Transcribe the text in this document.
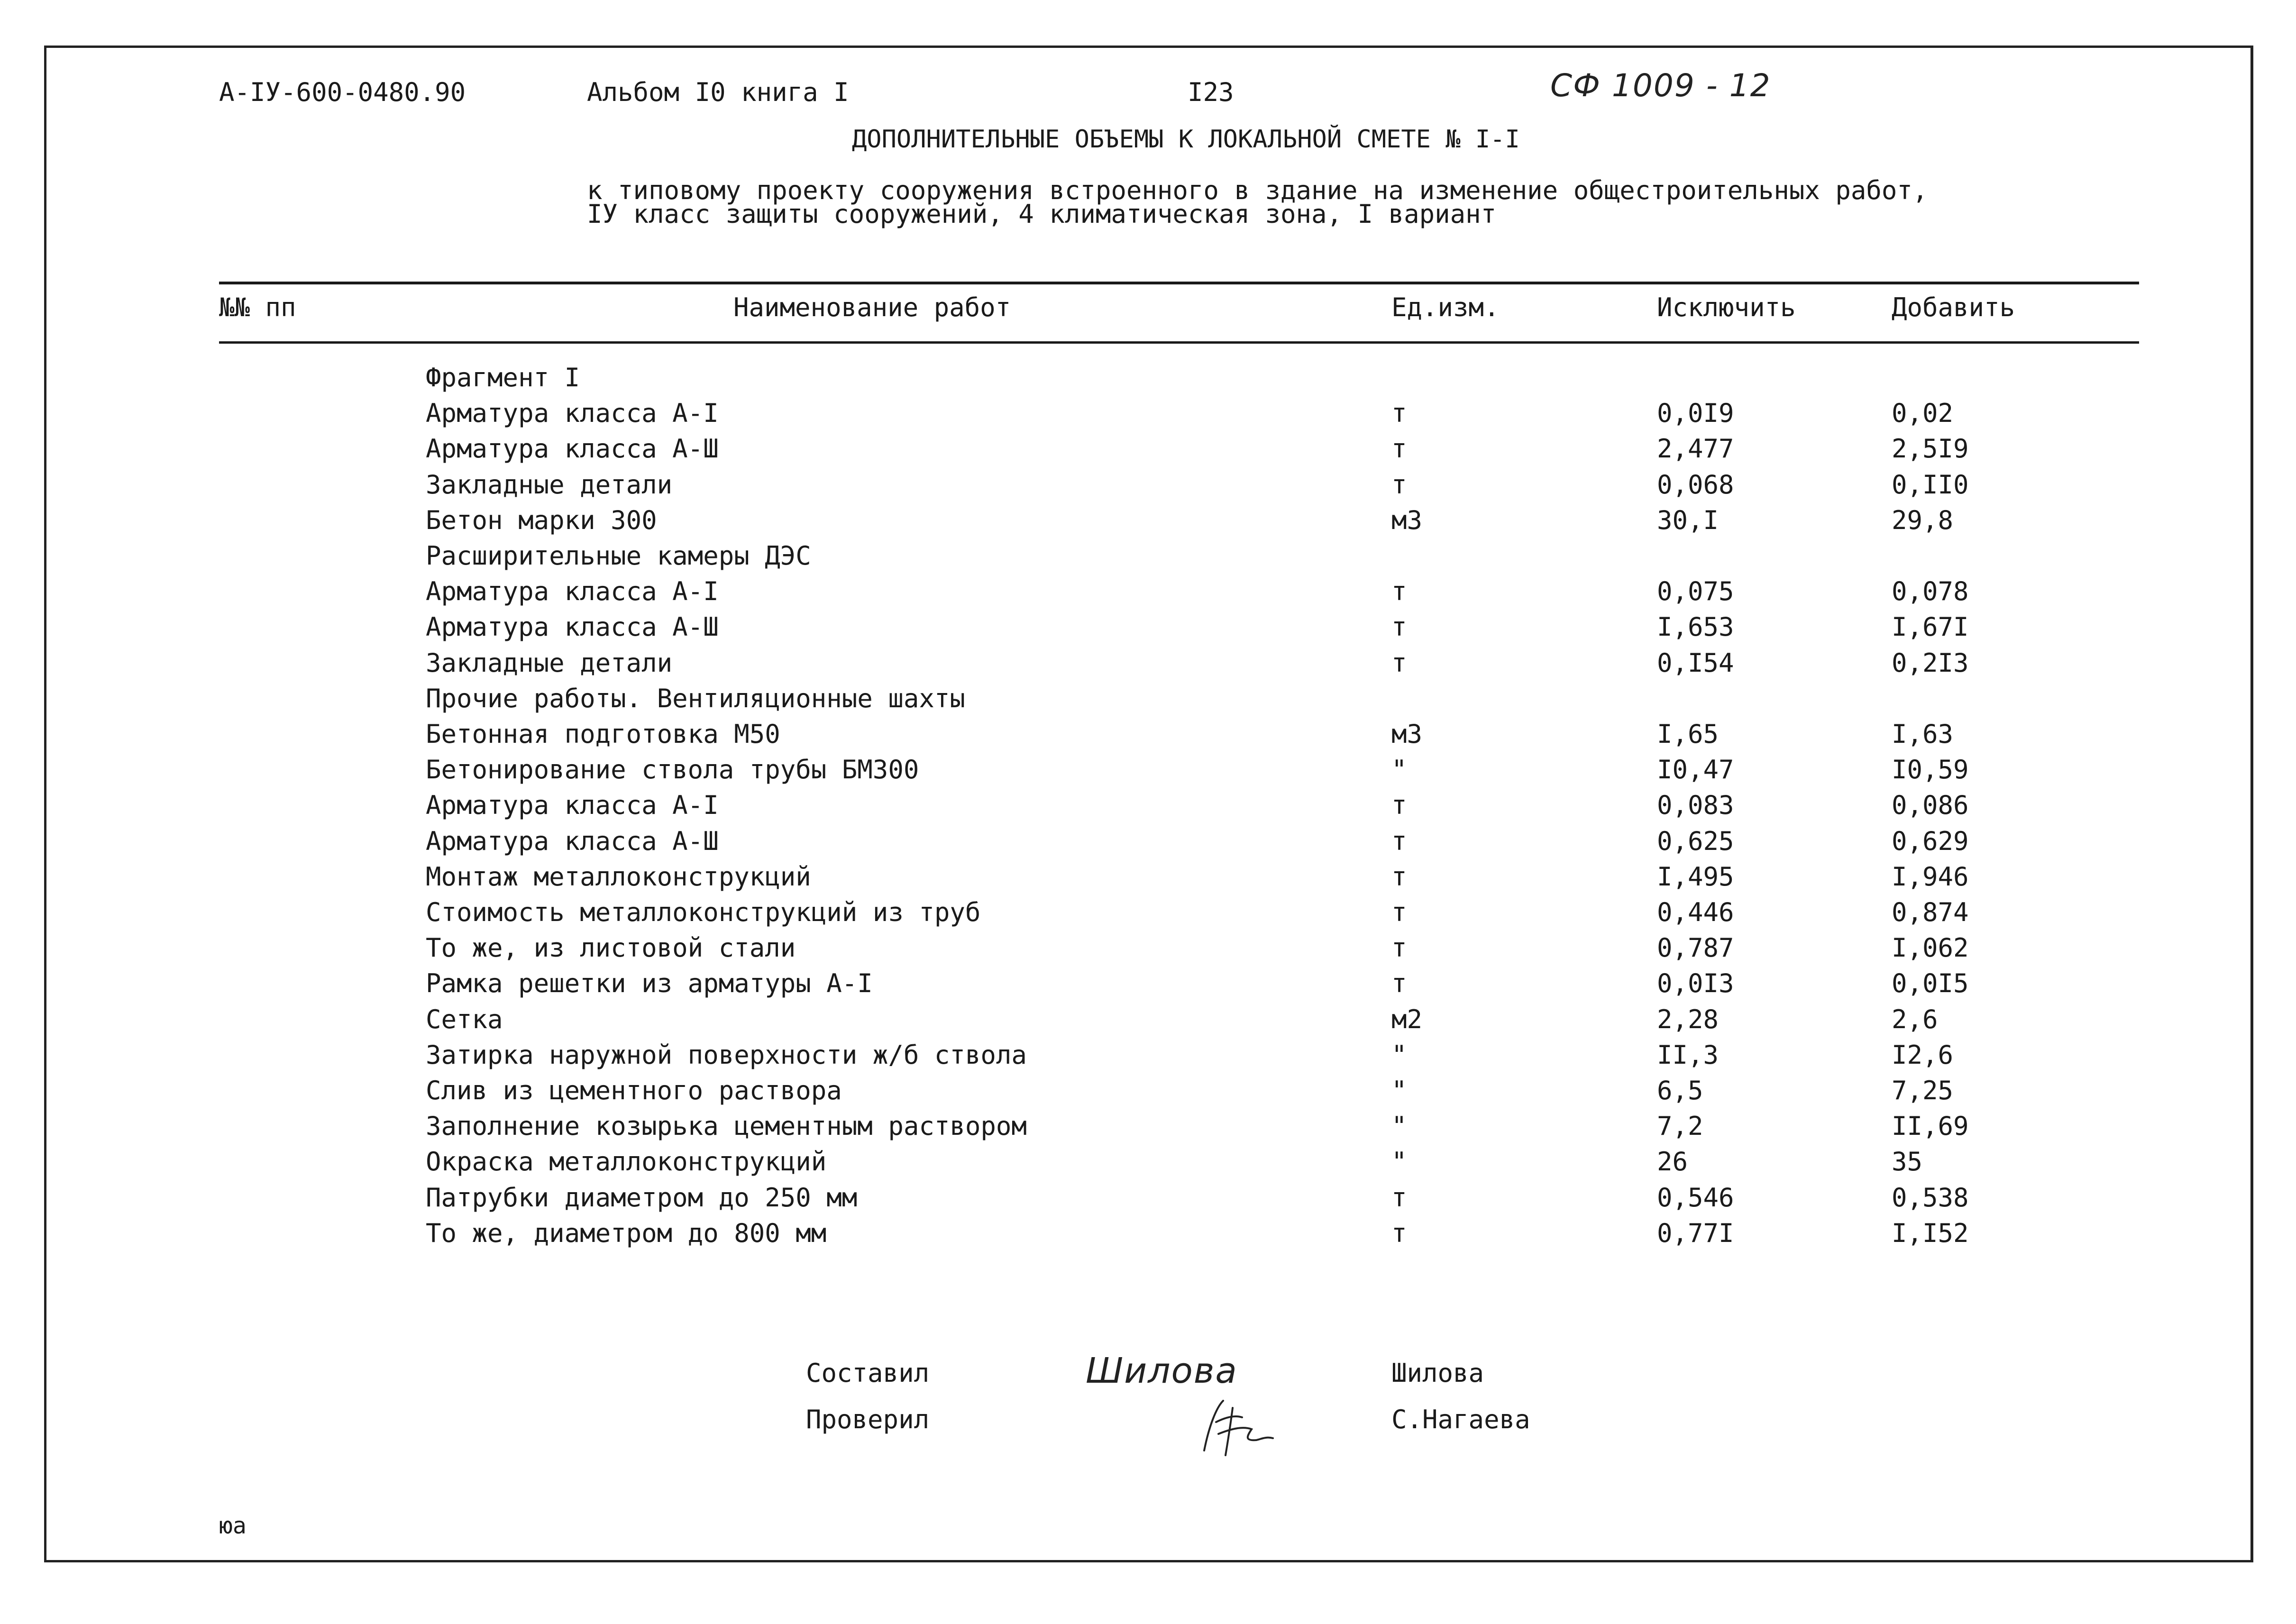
А-IУ-600-0480.90	Альбом I0 книга I	I23	СФ 1009 - 12
ДОПОЛНИТЕЛЬНЫЕ ОБЪЕМЫ К ЛОКАЛЬНОЙ СМЕТЕ № I-I
к типовому проекту сооружения встроенного в здание на изменение общестроительных работ,
IУ класс защиты сооружений, 4 климатическая зона, I вариант
№№ пп	Наименование работ	Ед.изм.	Исключить	Добавить
Фрагмент I
Арматура класса А-I	т	0,0I9	0,02
Арматура класса А-Ш	т	2,477	2,5I9
Закладные детали	т	0,068	0,II0
Бетон марки 300	м3	30,I	29,8
Расширительные камеры ДЭС
Арматура класса А-I	т	0,075	0,078
Арматура класса А-Ш	т	I,653	I,67I
Закладные детали	т	0,I54	0,2I3
Прочие работы. Вентиляционные шахты
Бетонная подготовка М50	м3	I,65	I,63
Бетонирование ствола трубы БМ300	"	I0,47	I0,59
Арматура класса А-I	т	0,083	0,086
Арматура класса А-Ш	т	0,625	0,629
Монтаж металлоконструкций	т	I,495	I,946
Стоимость металлоконструкций из труб	т	0,446	0,874
То же, из листовой стали	т	0,787	I,062
Рамка решетки из арматуры А-I	т	0,0I3	0,0I5
Сетка	м2	2,28	2,6
Затирка наружной поверхности ж/б ствола	"	II,3	I2,6
Слив из цементного раствора	"	6,5	7,25
Заполнение козырька цементным раствором	"	7,2	II,69
Окраска металлоконструкций	"	26	35
Патрубки диаметром до 250 мм	т	0,546	0,538
То же, диаметром до 800 мм	т	0,77I	I,I52
Составил	Шилова	Шилова
Проверил	С.Нагаева
юа
